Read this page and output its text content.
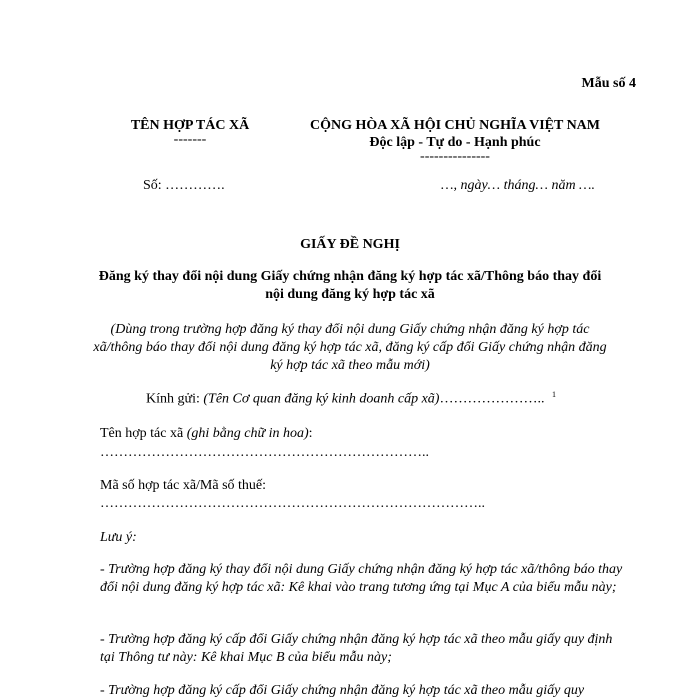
Mẫu số 4
TÊN HỢP TÁC XÃ
-------
CỘNG HÒA XÃ HỘI CHỦ NGHĨA VIỆT NAM
Độc lập - Tự do - Hạnh phúc
---------------
Số: ………….	…, ngày… tháng… năm ….
GIẤY ĐỀ NGHỊ
Đăng ký thay đổi nội dung Giấy chứng nhận đăng ký hợp tác xã/Thông báo thay đổi nội dung đăng ký hợp tác xã
(Dùng trong trường hợp đăng ký thay đổi nội dung Giấy chứng nhận đăng ký hợp tác xã/thông báo thay đổi nội dung đăng ký hợp tác xã, đăng ký cấp đổi Giấy chứng nhận đăng ký hợp tác xã theo mẫu mới)
Kính gửi: (Tên Cơ quan đăng ký kinh doanh cấp xã)………………….. $^1$
Tên hợp tác xã (ghi bằng chữ in hoa):
……………………………………………………………..
Mã số hợp tác xã/Mã số thuế:
………………………………………………………………………..
Lưu ý:
- Trường hợp đăng ký thay đổi nội dung Giấy chứng nhận đăng ký hợp tác xã/thông báo thay đổi nội dung đăng ký hợp tác xã: Kê khai vào trang tương ứng tại Mục A của biểu mẫu này;
- Trường hợp đăng ký cấp đổi Giấy chứng nhận đăng ký hợp tác xã theo mẫu giấy quy định tại Thông tư này: Kê khai Mục B của biểu mẫu này;
- Trường hợp đăng ký cấp đổi Giấy chứng nhận đăng ký hợp tác xã theo mẫu giấy quy
